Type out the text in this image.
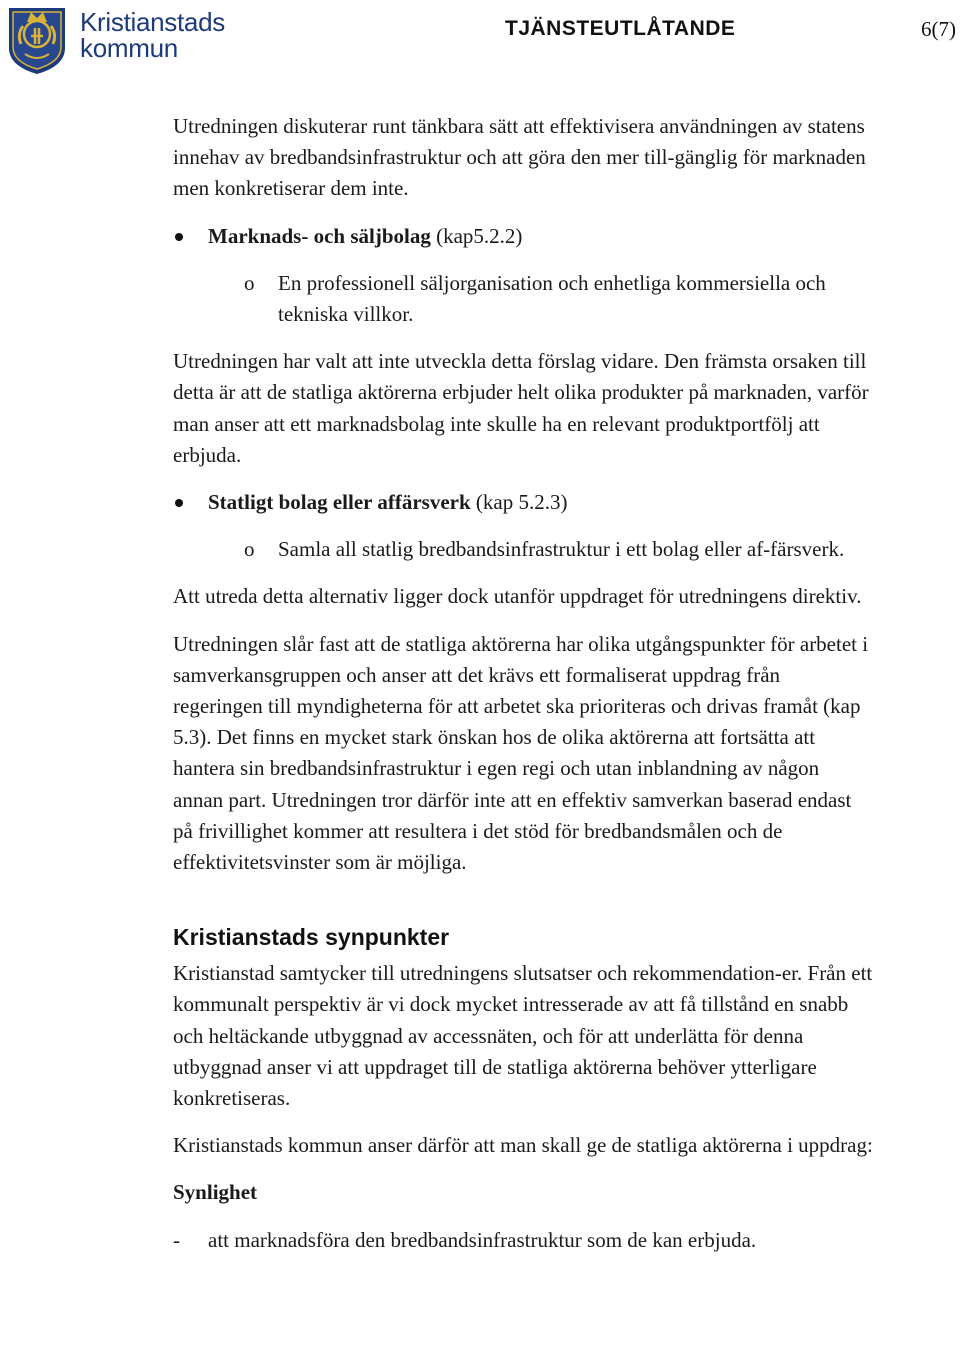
Kristianstads
kommun
TJÄNSTEUTLÅTANDE	6(7)

Utredningen diskuterar runt tänkbara sätt att effektivisera användningen av statens innehav av bredbandsinfrastruktur och att göra den mer till-gänglig för marknaden men konkretiserar dem inte.

Marknads- och säljbolag (kap5.2.2)
o En professionell säljorganisation och enhetliga kommersiella och tekniska villkor.

Utredningen har valt att inte utveckla detta förslag vidare. Den främsta orsaken till detta är att de statliga aktörerna erbjuder helt olika produkter på marknaden, varför man anser att ett marknadsbolag inte skulle ha en relevant produktportfölj att erbjuda.

Statligt bolag eller affärsverk (kap 5.2.3)
o Samla all statlig bredbandsinfrastruktur i ett bolag eller af-färsverk.

Att utreda detta alternativ ligger dock utanför uppdraget för utredningens direktiv.

Utredningen slår fast att de statliga aktörerna har olika utgångspunkter för arbetet i samverkansgruppen och anser att det krävs ett formaliserat uppdrag från regeringen till myndigheterna för att arbetet ska prioriteras och drivas framåt (kap 5.3). Det finns en mycket stark önskan hos de olika aktörerna att fortsätta att hantera sin bredbandsinfrastruktur i egen regi och utan inblandning av någon annan part. Utredningen tror därför inte att en effektiv samverkan baserad endast på frivillighet kommer att resultera i det stöd för bredbandsmålen och de effektivitetsvinster som är möjliga.

Kristianstads synpunkter

Kristianstad samtycker till utredningens slutsatser och rekommendation-er. Från ett kommunalt perspektiv är vi dock mycket intresserade av att få tillstånd en snabb och heltäckande utbyggnad av accessnäten, och för att underlätta för denna utbyggnad anser vi att uppdraget till de statliga aktörerna behöver ytterligare konkretiseras.

Kristianstads kommun anser därför att man skall ge de statliga aktörerna i uppdrag:

Synlighet

- att marknadsföra den bredbandsinfrastruktur som de kan erbjuda.
